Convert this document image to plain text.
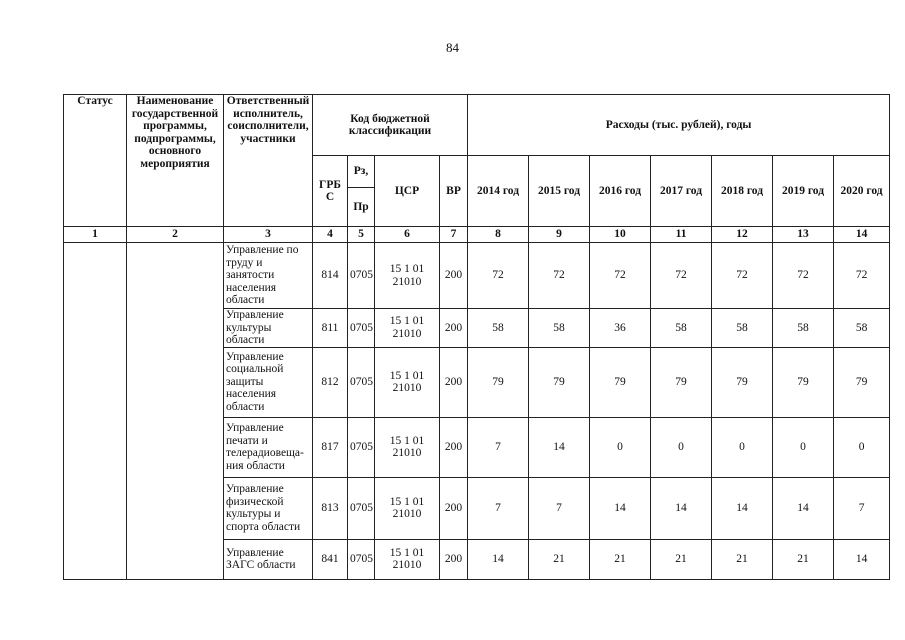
84
Статус	Наименование государственной программы, подпрограммы, основного мероприятия	Ответственный исполнитель, соисполнители, участники	Код бюджетной классификации				Расходы (тыс. рублей), годы						
			ГРБ С	Рз,	ЦСР	ВР	2014 год	2015 год	2016 год	2017 год	2018 год	2019 год	2020 год
				Пр									
1	2	3	4	5	6	7	8	9	10	11	12	13	14
		Управление по труду и занятости населения области	814	0705	15 1 01 21010	200	72	72	72	72	72	72	72
		Управление культуры области	811	0705	15 1 01 21010	200	58	58	36	58	58	58	58
		Управление социальной защиты населения области	812	0705	15 1 01 21010	200	79	79	79	79	79	79	79
		Управление печати и телерадиовеща-ния области	817	0705	15 1 01 21010	200	7	14	0	0	0	0	0
		Управление физической культуры и спорта области	813	0705	15 1 01 21010	200	7	7	14	14	14	14	7
		Управление ЗАГС области	841	0705	15 1 01 21010	200	14	21	21	21	21	21	14
